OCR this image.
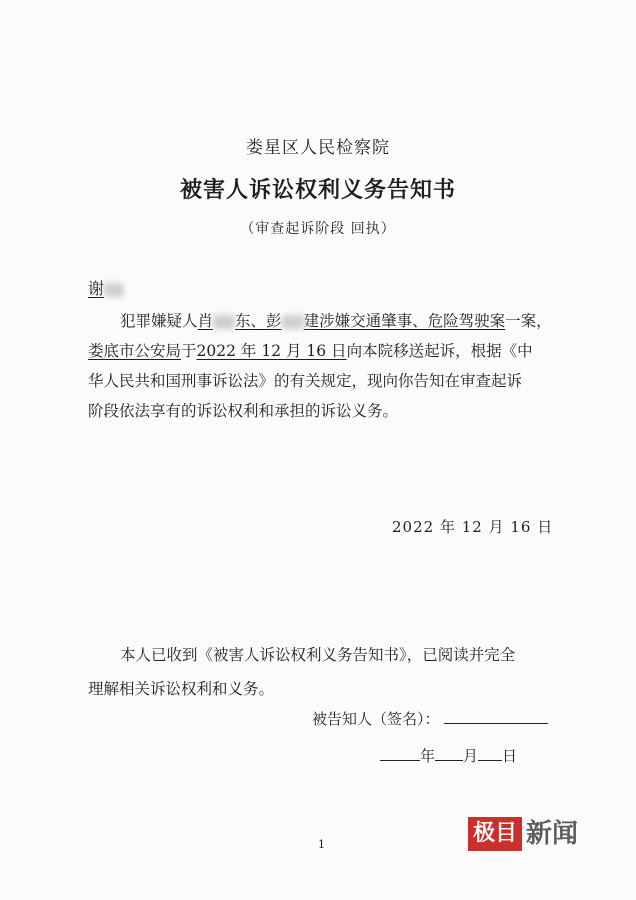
娄星区人民检察院
被害人诉讼权利义务告知书
（审查起诉阶段 回执）
谢
犯罪嫌疑人肖 东、彭 建涉嫌交通肇事、危险驾驶案一案，
娄底市公安局于2022 年 12 月 16 日向本院移送起诉，根据《中
华人民共和国刑事诉讼法》的有关规定，现向你告知在审查起诉
阶段依法享有的诉讼权利和承担的诉讼义务。
2022 年 12 月 16 日
本人已收到《被害人诉讼权利义务告知书》，已阅读并完全
理解相关诉讼权利和义务。
被告知人（签名）：
年 月 日
1	极目 新闻
